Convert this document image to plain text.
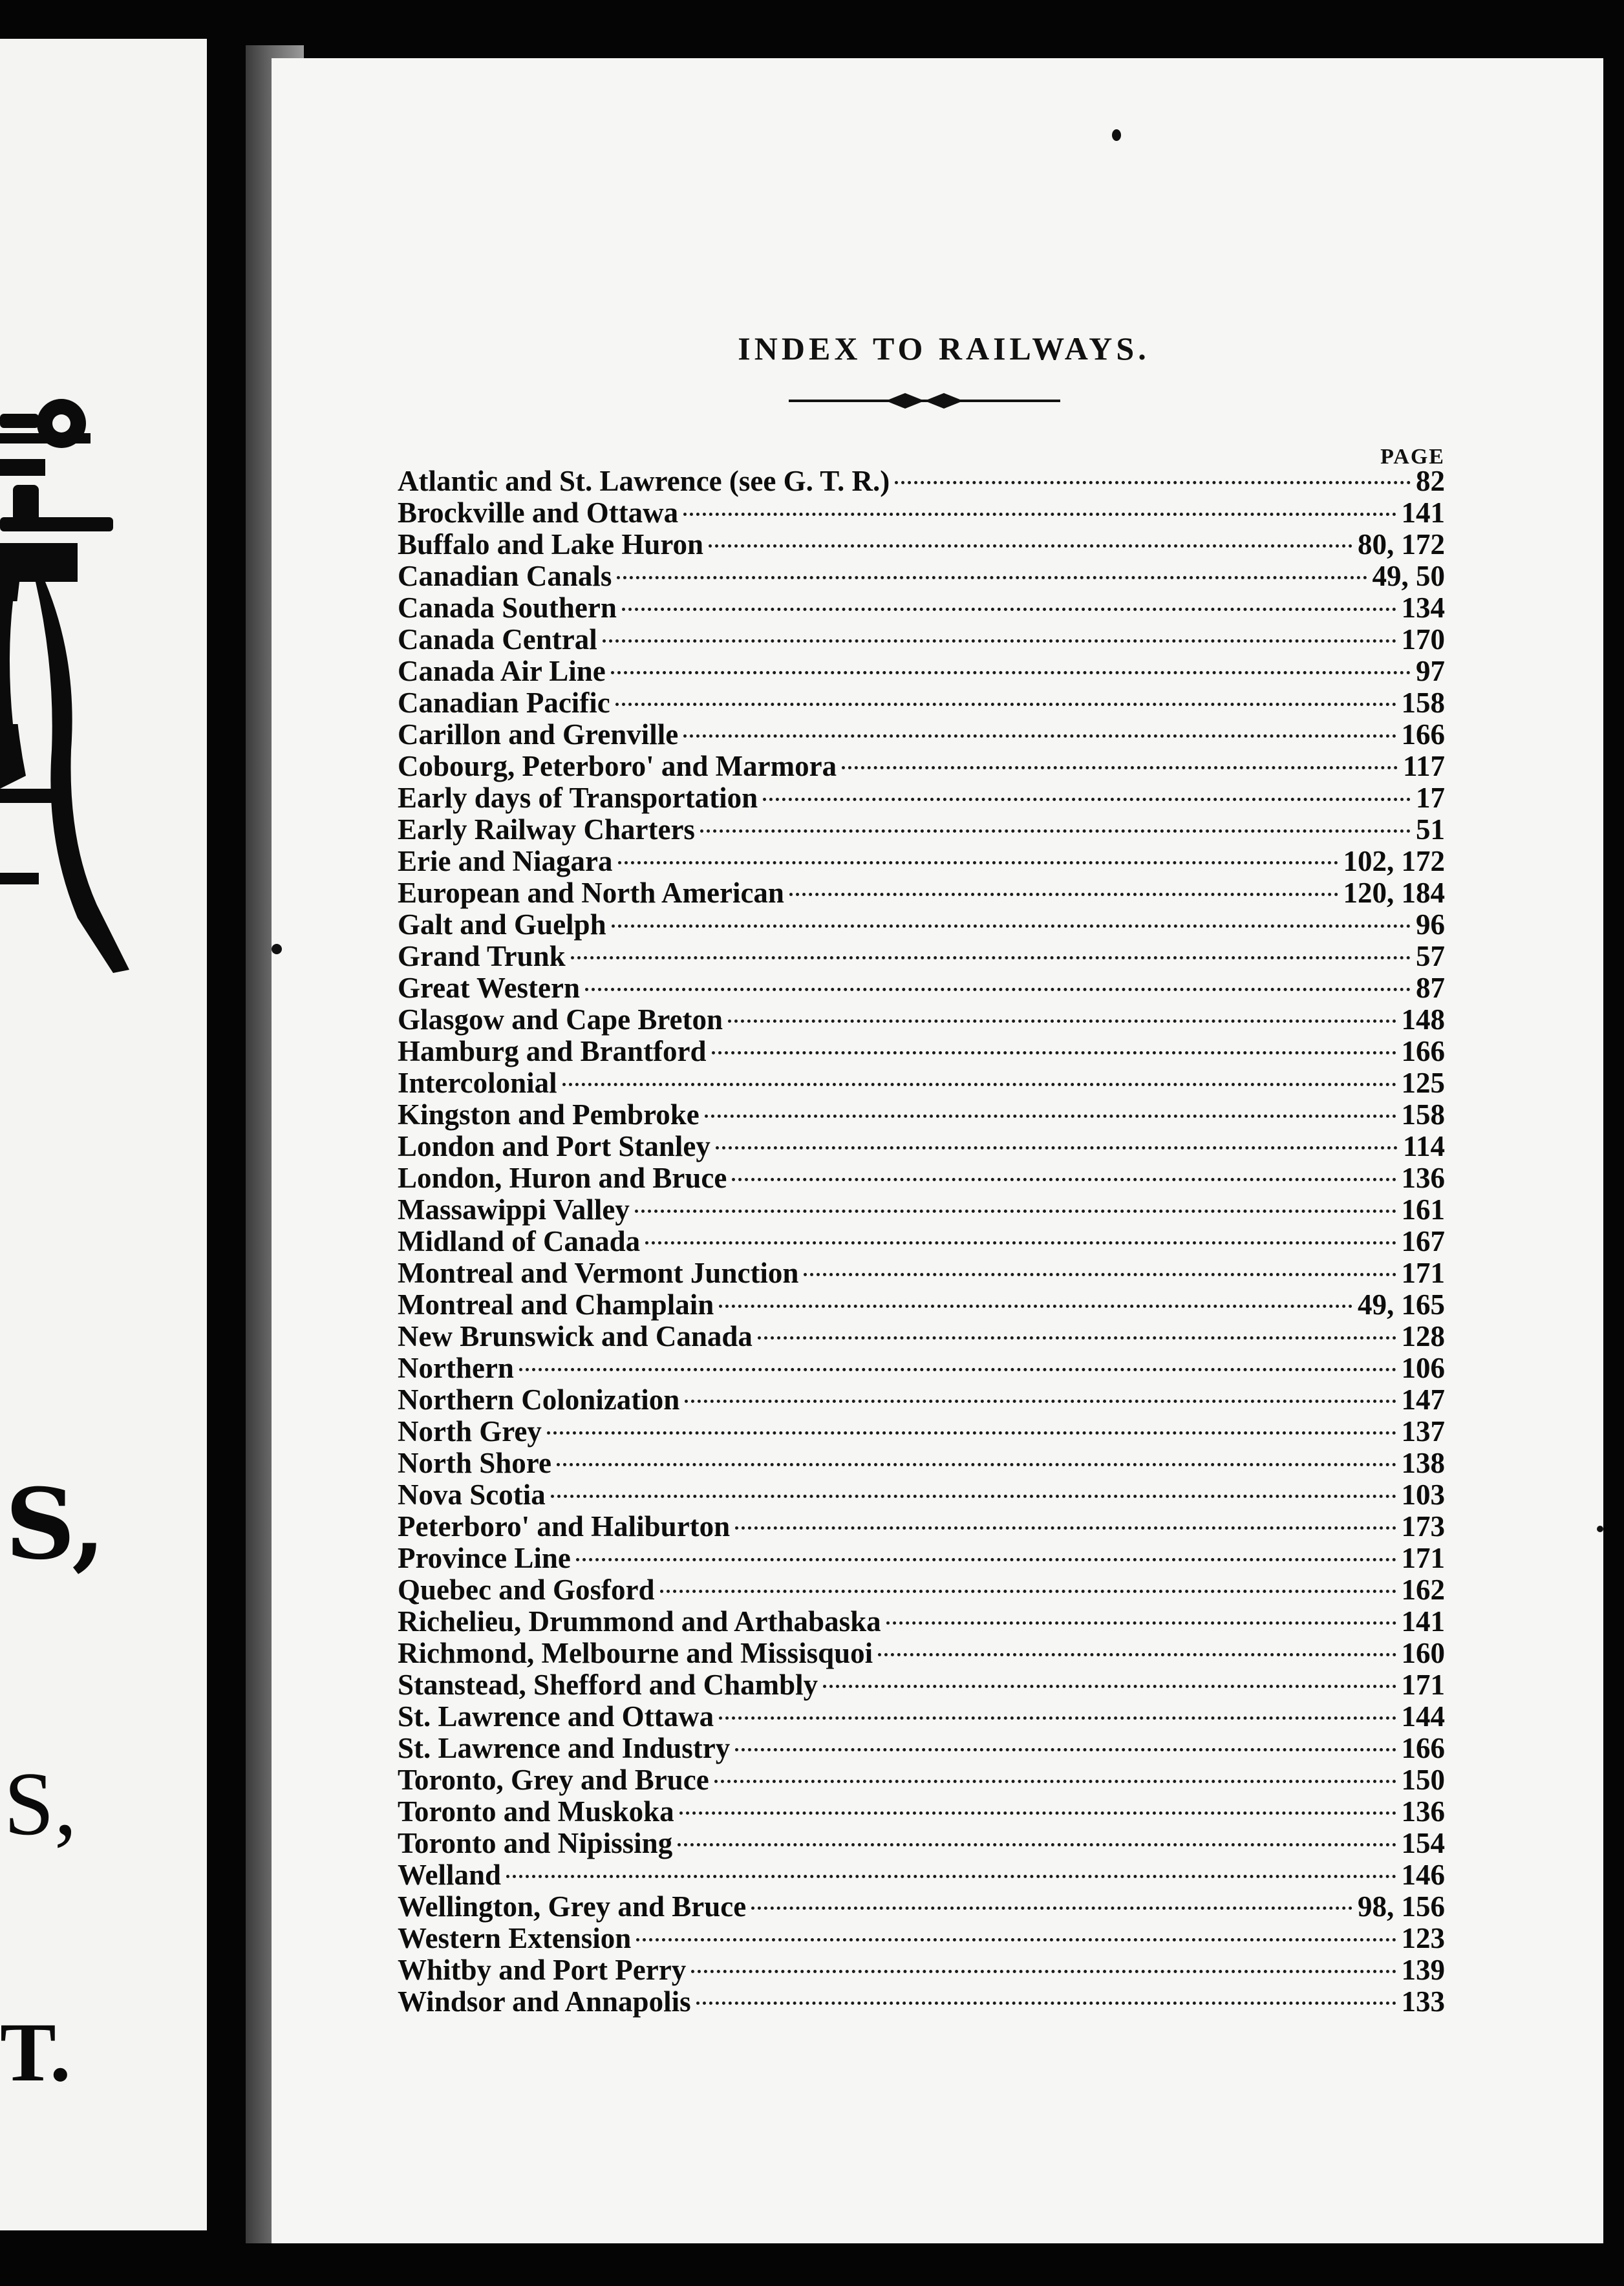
S,
S,
T.
INDEX TO RAILWAYS.
PAGE
Atlantic and St. Lawrence (see G. T. R.)	82
Brockville and Ottawa	141
Buffalo and Lake Huron	80, 172
Canadian Canals	49, 50
Canada Southern	134
Canada Central	170
Canada Air Line	97
Canadian Pacific	158
Carillon and Grenville	166
Cobourg, Peterboro' and Marmora	117
Early days of Transportation	17
Early Railway Charters	51
Erie and Niagara	102, 172
European and North American	120, 184
Galt and Guelph	96
Grand Trunk	57
Great Western	87
Glasgow and Cape Breton	148
Hamburg and Brantford	166
Intercolonial	125
Kingston and Pembroke	158
London and Port Stanley	114
London, Huron and Bruce	136
Massawippi Valley	161
Midland of Canada	167
Montreal and Vermont Junction	171
Montreal and Champlain	49, 165
New Brunswick and Canada	128
Northern	106
Northern Colonization	147
North Grey	137
North Shore	138
Nova Scotia	103
Peterboro' and Haliburton	173
Province Line	171
Quebec and Gosford	162
Richelieu, Drummond and Arthabaska	141
Richmond, Melbourne and Missisquoi	160
Stanstead, Shefford and Chambly	171
St. Lawrence and Ottawa	144
St. Lawrence and Industry	166
Toronto, Grey and Bruce	150
Toronto and Muskoka	136
Toronto and Nipissing	154
Welland	146
Wellington, Grey and Bruce	98, 156
Western Extension	123
Whitby and Port Perry	139
Windsor and Annapolis	133
